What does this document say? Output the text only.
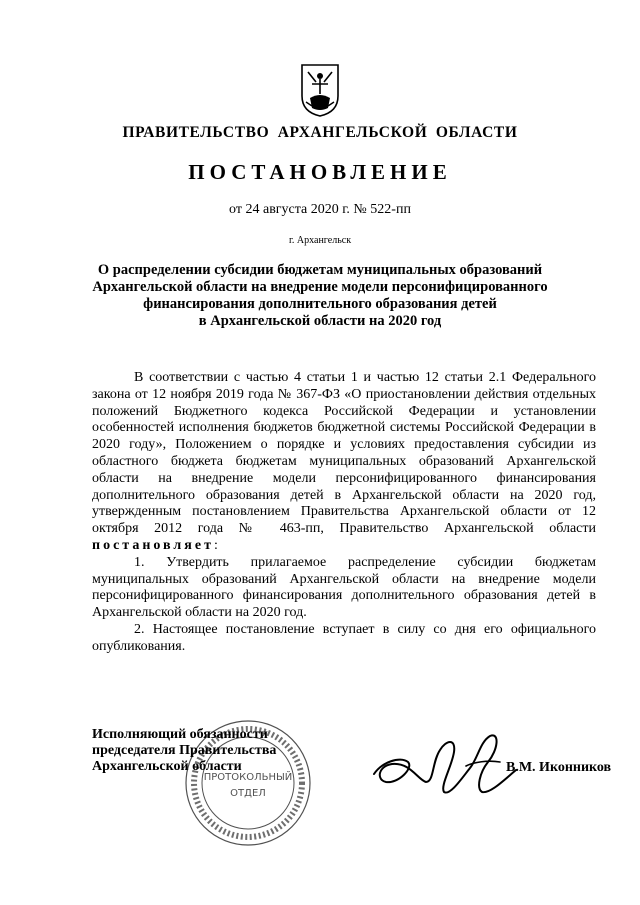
ПРАВИТЕЛЬСТВО АРХАНГЕЛЬСКОЙ ОБЛАСТИ
ПОСТАНОВЛЕНИЕ
от 24 августа 2020 г. № 522-пп
г. Архангельск
О распределении субсидии бюджетам муниципальных образований
Архангельской области на внедрение модели персонифицированного
финансирования дополнительного образования детей
в Архангельской области на 2020 год

В соответствии с частью 4 статьи 1 и частью 12 статьи 2.1 Федерального закона от 12 ноября 2019 года № 367-ФЗ «О приостановлении действия отдельных положений Бюджетного кодекса Российской Федерации и установлении особенностей исполнения бюджетов бюджетной системы Российской Федерации в 2020 году», Положением о порядке и условиях предоставления субсидии из областного бюджета бюджетам муниципальных образований Архангельской области на внедрение модели персонифицированного финансирования дополнительного образования детей в Архангельской области на 2020 год, утвержденным постановлением Правительства Архангельской области от 12 октября 2012 года № 463-пп, Правительство Архангельской области постановляет:

1. Утвердить прилагаемое распределение субсидии бюджетам муниципальных образований Архангельской области на внедрение модели персонифицированного финансирования дополнительного образования детей в Архангельской области на 2020 год.

2. Настоящее постановление вступает в силу со дня его официального опубликования.

ПРОТОКОЛЬНЫЙ
ОТДЕЛ
Исполняющий обязанности
председателя Правительства
Архангельской области	В.М. Иконников
